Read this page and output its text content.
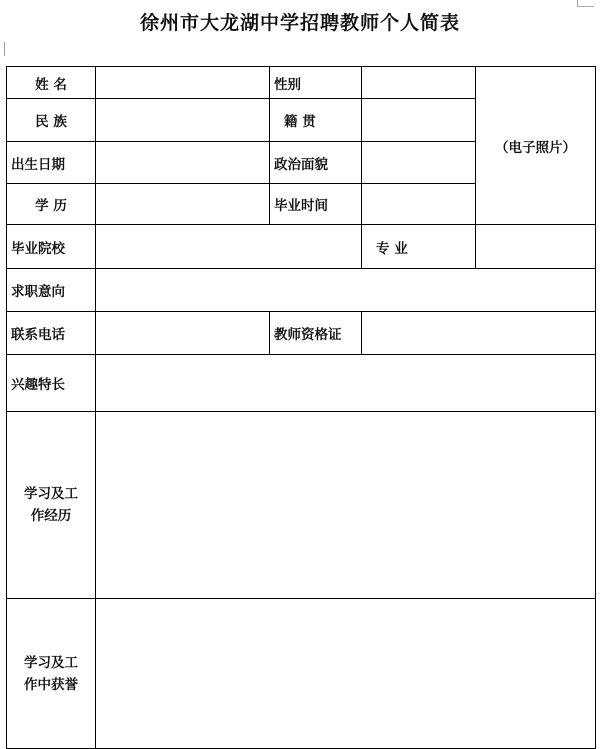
徐州市大龙湖中学招聘教师个人简表
姓 名		性别		（电子照片）
民 族		籍 贯		
出生日期		政治面貌		
学 历		毕业时间		
毕业院校			专 业	
求职意向				
联系电话		教师资格证		
兴趣特长				

学习及工
作经历				

学习及工
作中获誉				
